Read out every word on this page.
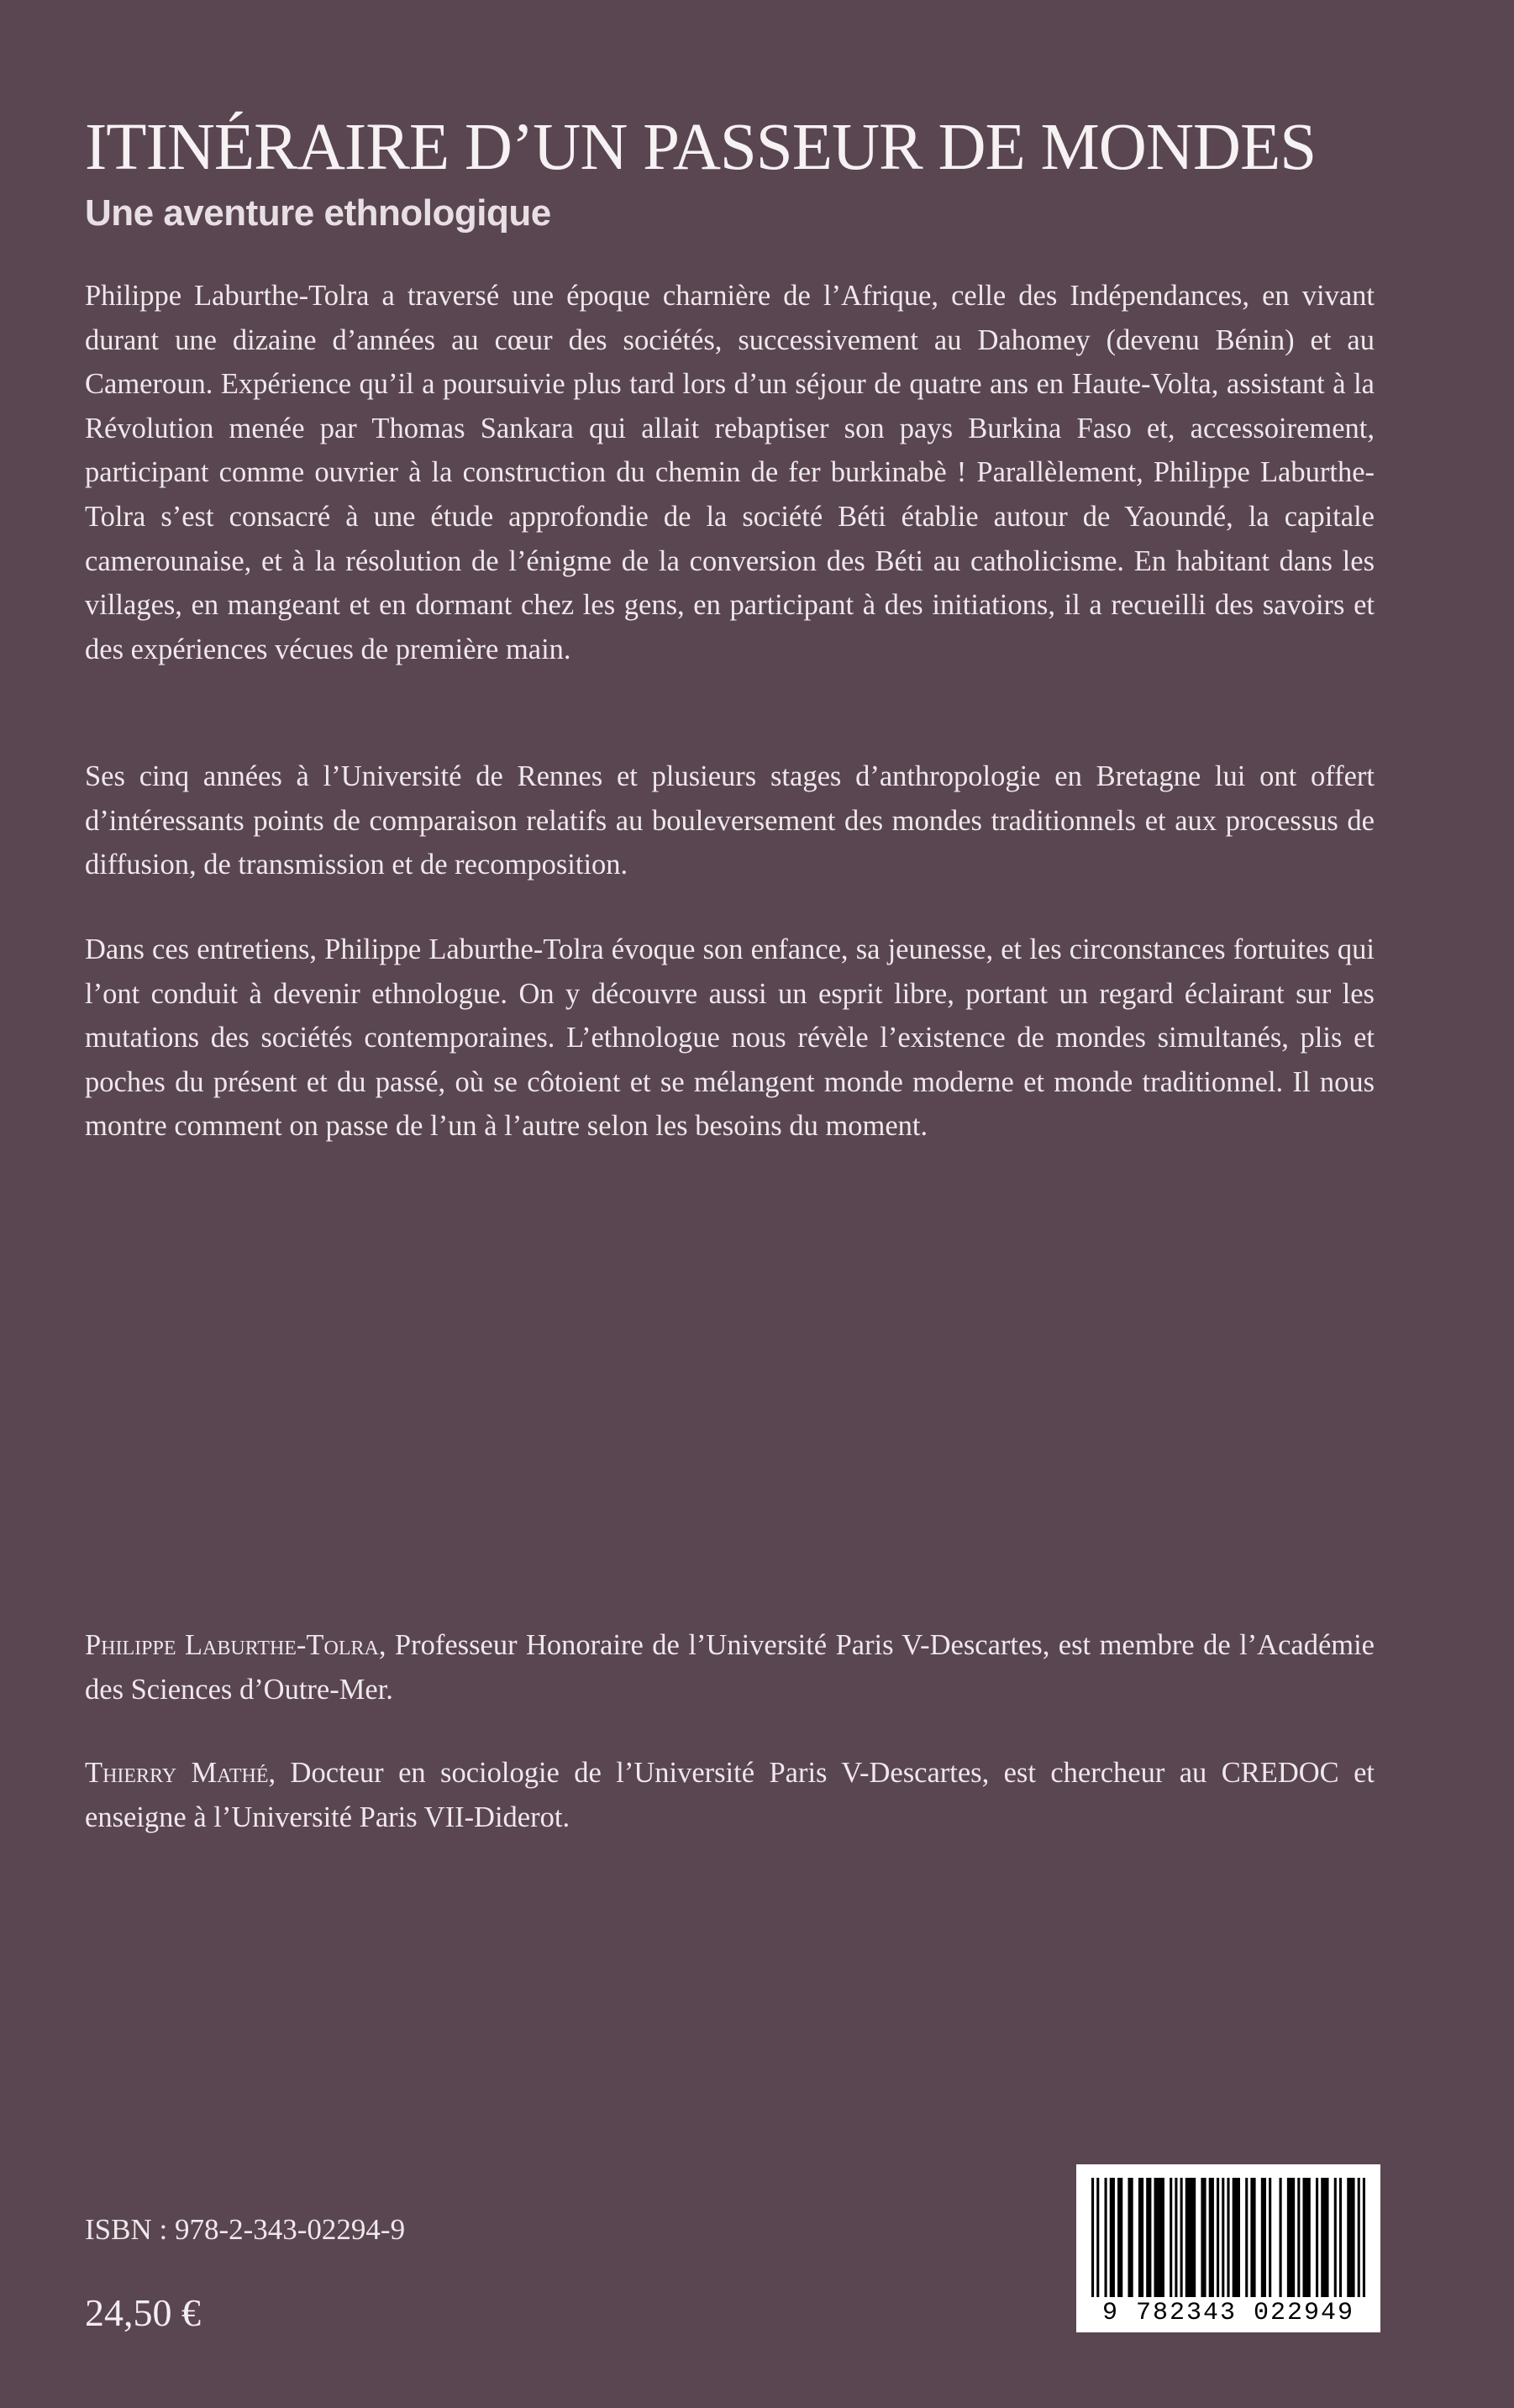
ITINÉRAIRE D’UN PASSEUR DE MONDES
Une aventure ethnologique

Philippe Laburthe-Tolra a traversé une époque charnière de l’Afrique, celle des Indépendances, en vivant durant une dizaine d’années au cœur des sociétés, successivement au Dahomey (devenu Bénin) et au Cameroun. Expérience qu’il a poursuivie plus tard lors d’un séjour de quatre ans en Haute-Volta, assistant à la Révolution menée par Thomas Sankara qui allait rebaptiser son pays Burkina Faso et, accessoirement, participant comme ouvrier à la construction du chemin de fer burkinabè ! Parallèlement, Philippe Laburthe-Tolra s’est consacré à une étude approfondie de la société Béti établie autour de Yaoundé, la capitale camerounaise, et à la résolution de l’énigme de la conversion des Béti au catholicisme. En habitant dans les villages, en mangeant et en dormant chez les gens, en participant à des initiations, il a recueilli des savoirs et des expériences vécues de première main.

Ses cinq années à l’Université de Rennes et plusieurs stages d’anthropologie en Bretagne lui ont offert d’intéressants points de comparaison relatifs au bouleversement des mondes traditionnels et aux processus de diffusion, de transmission et de recomposition.

Dans ces entretiens, Philippe Laburthe-Tolra évoque son enfance, sa jeunesse, et les circonstances fortuites qui l’ont conduit à devenir ethnologue. On y découvre aussi un esprit libre, portant un regard éclairant sur les mutations des sociétés contemporaines. L’ethnologue nous révèle l’existence de mondes simultanés, plis et poches du présent et du passé, où se côtoient et se mélangent monde moderne et monde traditionnel. Il nous montre comment on passe de l’un à l’autre selon les besoins du moment.

Philippe Laburthe-Tolra, Professeur Honoraire de l’Université Paris V-Descartes, est membre de l’Académie des Sciences d’Outre-Mer.

Thierry Mathé, Docteur en sociologie de l’Université Paris V-Descartes, est chercheur au CREDOC et enseigne à l’Université Paris VII-Diderot.

ISBN : 978-2-343-02294-9
24,50 €	9 782343 022949
